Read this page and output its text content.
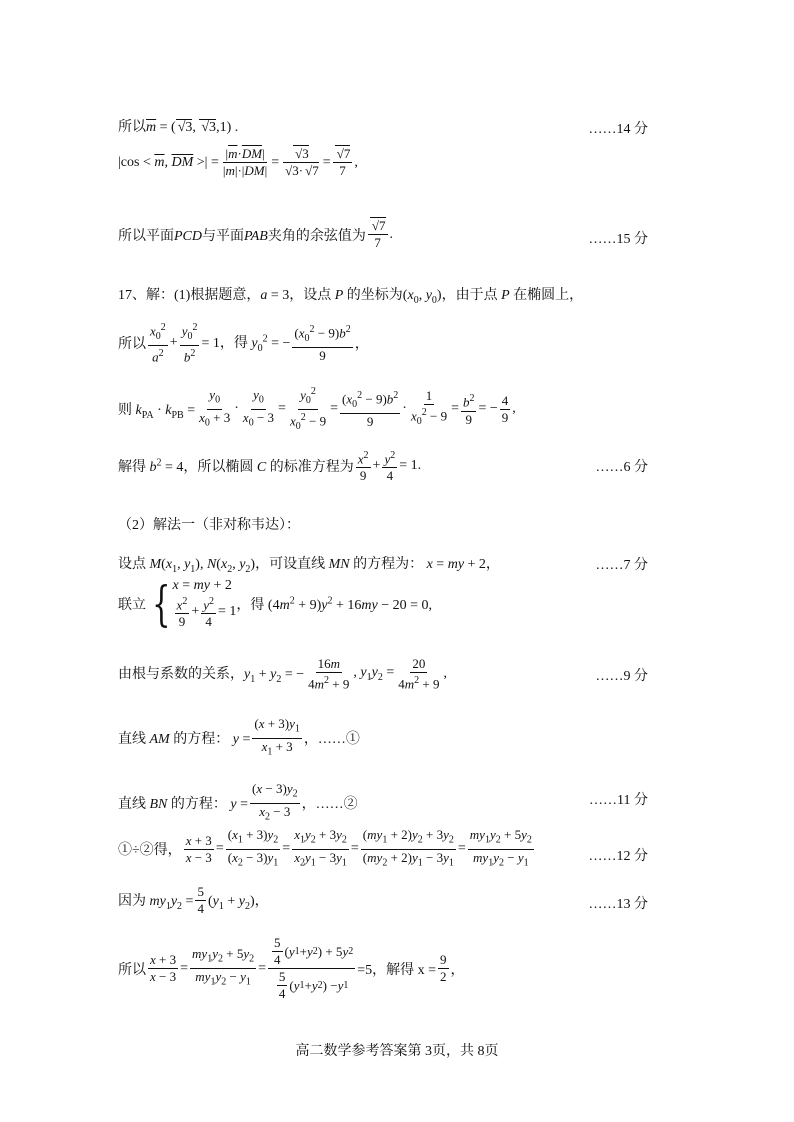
所以$\overline{m}$ = ( √3, √3,1) .	……14 分
$|\cos < \overline{m}$, $\overline{DM}$ >| = $\frac{|\overline{m}\cdot\overline{DM}|}{|\overline{m}|\cdot|\overline{DM}|} = \frac{√3}{√3\cdot √7} = \frac{√7}{7}$ ,
所以平面PCD与平面PAB夹角的余弦值为 $\frac{√7}{7}$ .	……15 分
17、解：(1)根据题意，a = 3，设点 P 的坐标为($x_0$, $y_0$)，由于点 P 在椭圆上，
所以 $\frac{x_0^2}{a^2} + \frac{y_0^2}{b^2} = 1$，得 $y_0^2$ = − $\frac{(x_0^2 - 9)b^2}{9}$ ，
则 $k_{PA} \cdot k_{PB} = \frac{y_0}{x_0 + 3} \cdot \frac{y_0}{x_0 - 3} = \frac{y_0^2}{x_0^2 - 9} = \frac{(x_0^2 - 9)b^2}{9} \cdot \frac{1}{x_0^2 - 9} = \frac{b^2}{9}$ = − $\frac{4}{9}$ ,
解得 $b^2 = 4$，所以椭圆 C 的标准方程为 $\frac{x^2}{9} + \frac{y^2}{4} = 1$.	……6 分
（2）解法一（非对称韦达）：
设点 $M(x_1$, $y_1$), $N(x_2$, $y_2$)，可设直线 MN 的方程为： x = my + 2，	……7 分
联立 { x = my + 2
$\frac{x^2}{9} + \frac{y^2}{4} = 1$ ，得 $(4m^2 + 9)y^2 + 16my - 20 = 0$,
由根与系数的关系，$y_1 + y_2$ = − $\frac{16m}{4m^2 + 9}$ , $y_1y_2 = \frac{20}{4m^2 + 9}$ ,	……9 分
直线 AM 的方程： $y = \frac{(x + 3)y_1}{x_1 + 3}$ ，……①
直线 BN 的方程： $y = \frac{(x - 3)y_2}{x_2 - 3}$ ，……②	……11 分
①÷②得， $\frac{x + 3}{x - 3} = \frac{(x_1 + 3)y_2}{(x_2 - 3)y_1} = \frac{x_1y_2 + 3y_2}{x_2y_1 - 3y_1} = \frac{(my_1 + 2)y_2 + 3y_2}{(my_2 + 2)y_1 - 3y_1} = \frac{my_1y_2 + 5y_2}{my_1y_2 - y_1}$	……12 分
因为 $my_1y_2 = \frac{5}{4} (y_1 + y_2)$，	……13 分
所以 $\frac{x + 3}{x - 3} = \frac{my_1y_2 + 5y_2}{my_1y_2 - y_1} = \frac{\frac{5}{4} ( y 1 + y 2 ) + 5 y 2}{\frac{5}{4} ( y 1 + y 2 ) - y 1} =5$，解得 $x = \frac{9}{2}$ ，
高二数学参考答案第 3页，共 8页
